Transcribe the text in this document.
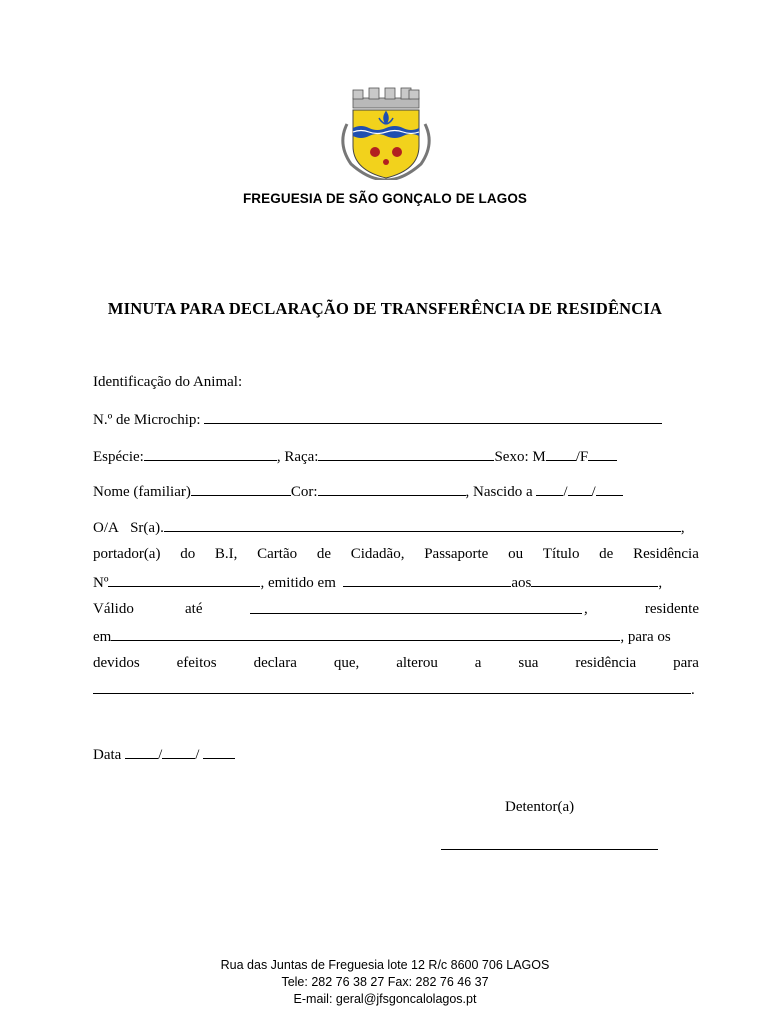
FREGUESIA DE SÃO GONÇALO DE LAGOS
MINUTA PARA DECLARAÇÃO DE TRANSFERÊNCIA DE RESIDÊNCIA
Identificação do Animal:
N.º de Microchip:
Espécie:	, Raça:	Sexo: M /F
Nome (familiar)	Cor:	, Nascido a / /
O/A Sr(a).	,
portador(a) do B.I, Cartão de Cidadão, Passaporte ou Título de Residência
Nº	, emitido em	aos	,
Válido	até	,	residente
em	, para os
devidos efeitos declara que, alterou a sua residência para
.
Data / /
Detentor(a)
Rua das Juntas de Freguesia lote 12 R/c 8600 706 LAGOS
Tele: 282 76 38 27 Fax: 282 76 46 37
E-mail: geral@jfsgoncalolagos.pt
